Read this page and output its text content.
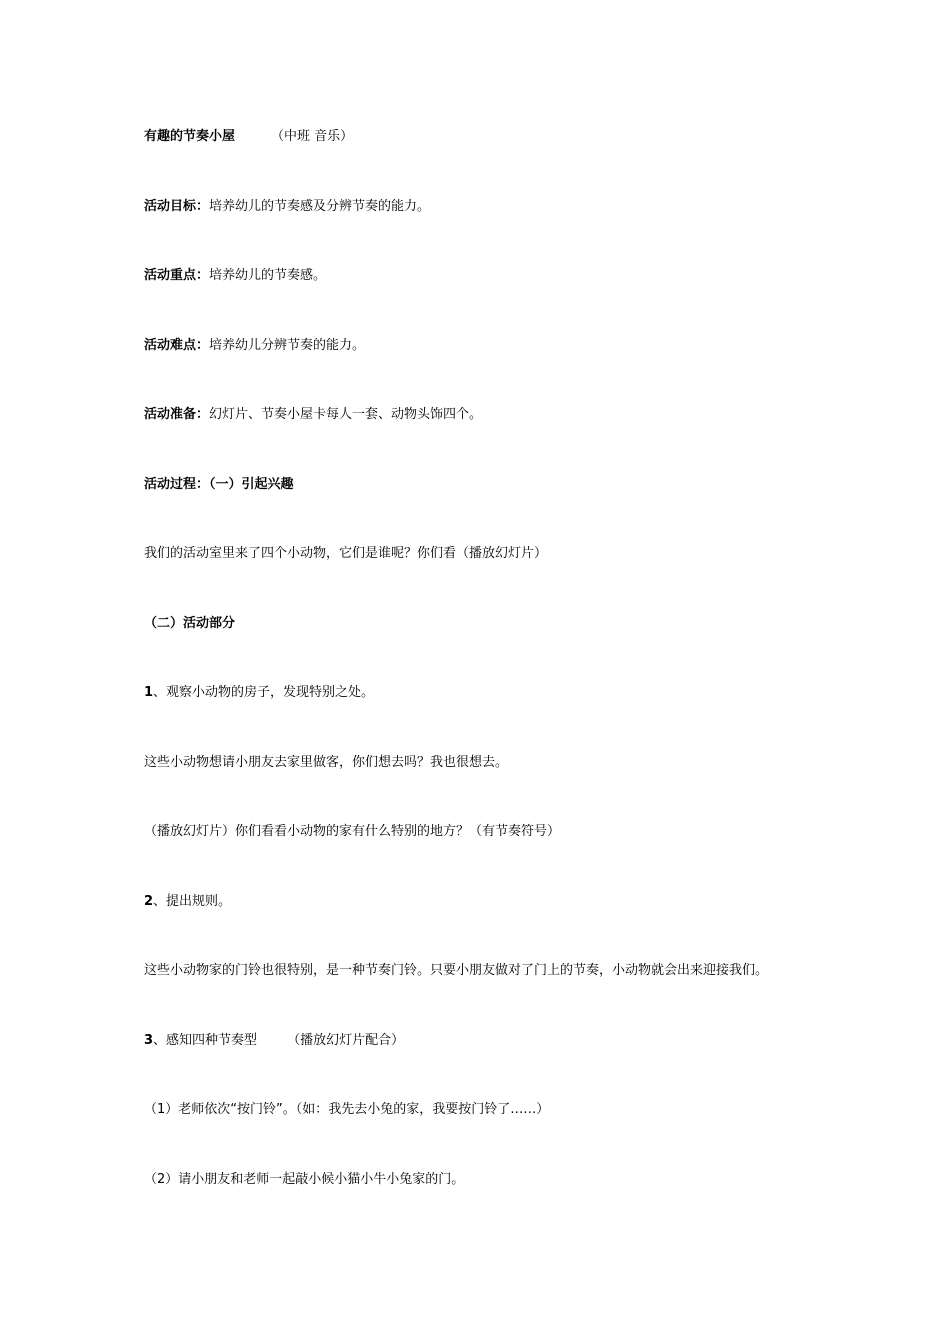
有趣的节奏小屋	（中班 音乐）
活动目标：培养幼儿的节奏感及分辨节奏的能力。
活动重点：培养幼儿的节奏感。
活动难点：培养幼儿分辨节奏的能力。
活动准备：幻灯片、节奏小屋卡每人一套、动物头饰四个。
活动过程：（一）引起兴趣
我们的活动室里来了四个小动物，它们是谁呢？你们看（播放幻灯片）
（二）活动部分
1、观察小动物的房子，发现特别之处。
这些小动物想请小朋友去家里做客，你们想去吗？我也很想去。
（播放幻灯片）你们看看小动物的家有什么特别的地方？（有节奏符号）
2、提出规则。
这些小动物家的门铃也很特别，是一种节奏门铃。只要小朋友做对了门上的节奏，小动物就会出来迎接我们。
3、感知四种节奏型 （播放幻灯片配合）
（1）老师依次“按门铃”。（如：我先去小兔的家，我要按门铃了……）
（2）请小朋友和老师一起敲小候小猫小牛小兔家的门。
